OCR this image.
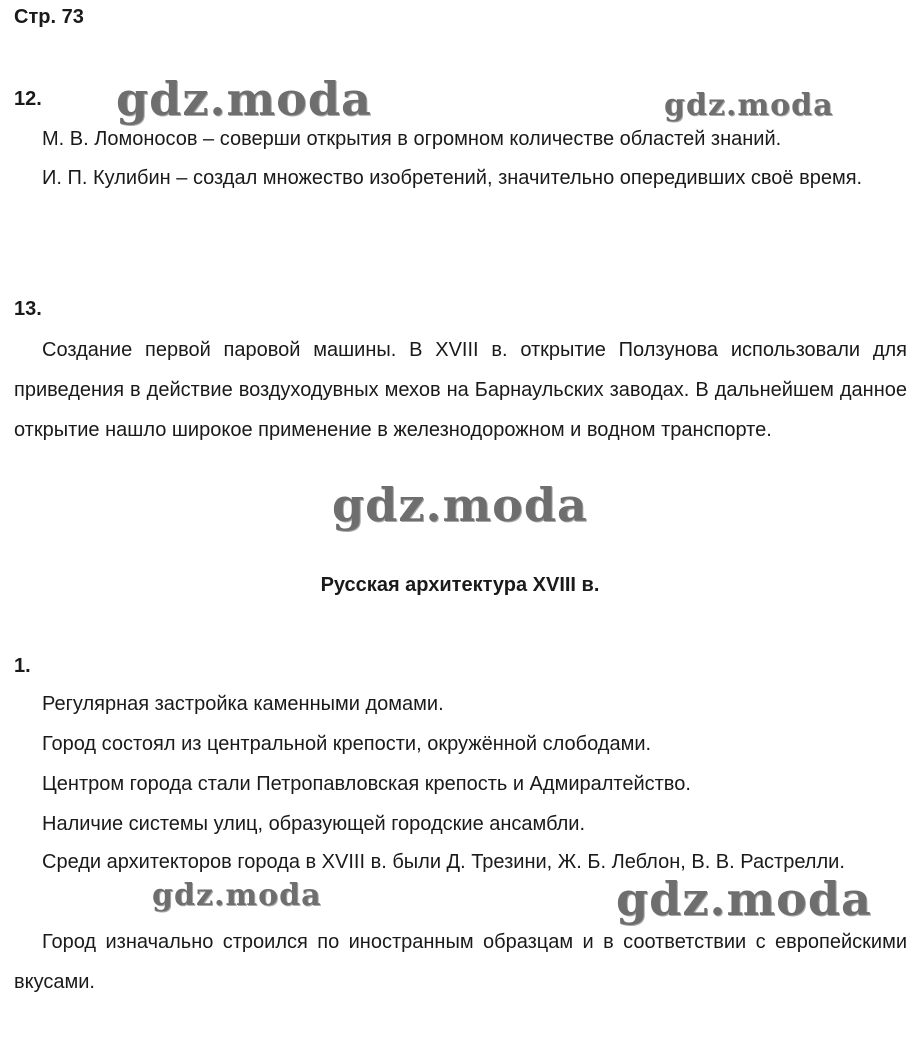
Стр. 73
gdz.moda	gdz.moda
gdz.moda
gdz.moda	gdz.moda
12.

М. В. Ломоносов – соверши открытия в огромном количестве областей знаний.

И. П. Кулибин – создал множество изобретений, значительно опередивших своё время.

13.

Создание первой паровой машины. В XVIII в. открытие Ползунова использовали для приведения в действие воздуходувных мехов на Барнаульских заводах. В дальнейшем данное открытие нашло широкое применение в железнодорожном и водном транспорте.

Русская архитектура XVIII в.
1.

Регулярная застройка каменными домами.

Город состоял из центральной крепости, окружённой слободами.

Центром города стали Петропавловская крепость и Адмиралтейство.

Наличие системы улиц, образующей городские ансамбли.

Среди архитекторов города в XVIII в. были Д. Трезини, Ж. Б. Леблон, В. В. Растрелли.

Город изначально строился по иностранным образцам и в соответствии с европейскими вкусами.
